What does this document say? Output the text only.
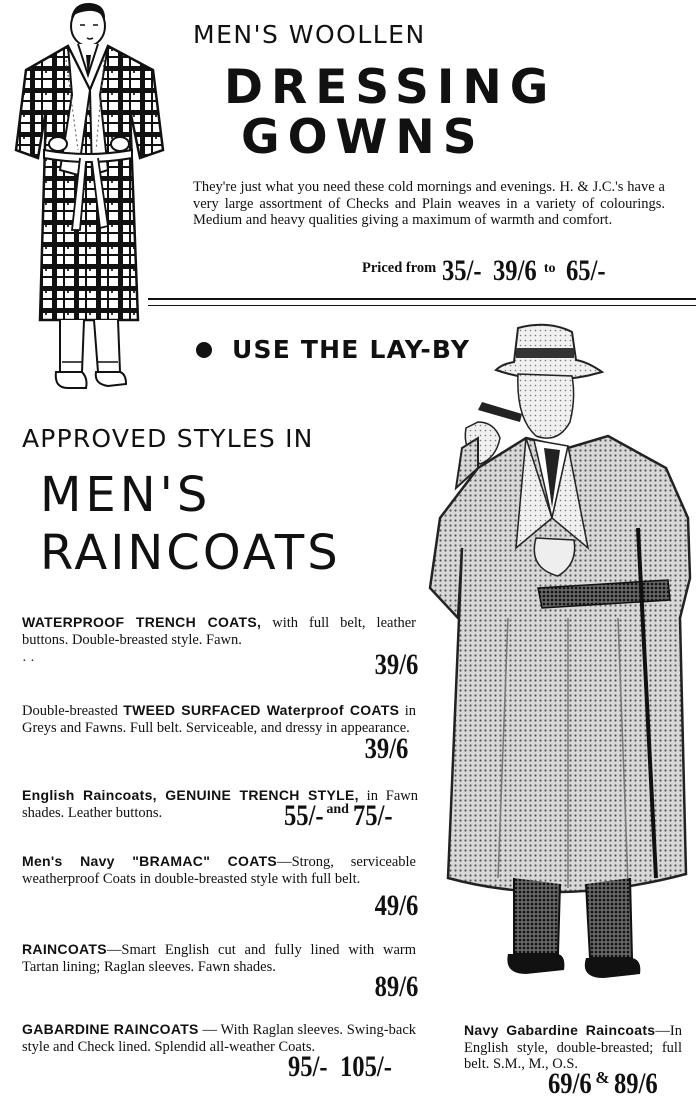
MEN'S WOOLLEN
DRESSING
GOWNS
They're just what you need these cold mornings and evenings. H. & J.C.'s have a very large assortment of Checks and Plain weaves in a variety of colourings. Medium and heavy qualities giving a maximum of warmth and comfort.
Priced from 35/- 39/6 to 65/-
USE THE LAY-BY
APPROVED STYLES IN
MEN'S
RAINCOATS
WATERPROOF TRENCH COATS, with full belt, leather buttons. Double-breasted style. Fawn.
· ·	39/6
Double-breasted TWEED SURFACED Waterproof COATS in Greys and Fawns. Full belt. Serviceable, and dressy in appearance.
39/6
English Raincoats, GENUINE TRENCH STYLE, in Fawn shades. Leather buttons.	55/- and 75/-
Men's Navy "BRAMAC" COATS—Strong, serviceable weatherproof Coats in double-breasted style with full belt.
49/6
RAINCOATS—Smart English cut and fully lined with warm Tartan lining; Raglan sleeves. Fawn shades.
89/6
GABARDINE RAINCOATS — With Raglan sleeves. Swing-back style and Check lined. Splendid all-weather Coats.
95/- 105/-
Navy Gabardine Raincoats—In English style, double-breasted; full belt. S.M., M., O.S.
69/6 & 89/6
